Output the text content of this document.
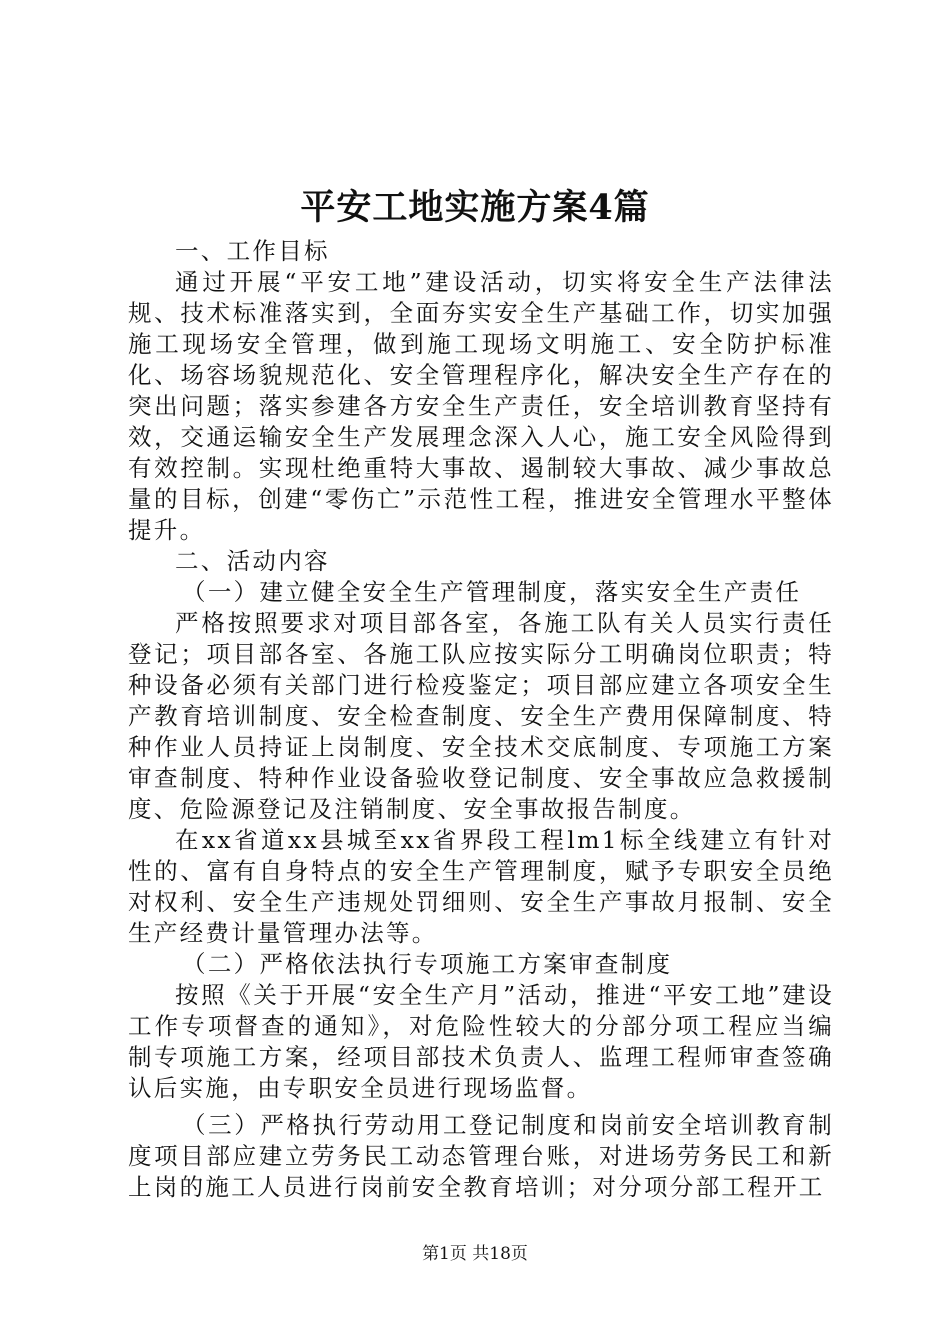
平安工地实施方案4篇

一、工作目标

通过开展“平安工地”建设活动，切实将安全生产法律法规、技术标准落实到，全面夯实安全生产基础工作，切实加强施工现场安全管理，做到施工现场文明施工、安全防护标准化、场容场貌规范化、安全管理程序化，解决安全生产存在的突出问题；落实参建各方安全生产责任，安全培训教育坚持有效，交通运输安全生产发展理念深入人心，施工安全风险得到有效控制。实现杜绝重特大事故、遏制较大事故、减少事故总量的目标，创建“零伤亡”示范性工程，推进安全管理水平整体提升。

二、活动内容

（一）建立健全安全生产管理制度，落实安全生产责任

严格按照要求对项目部各室，各施工队有关人员实行责任登记；项目部各室、各施工队应按实际分工明确岗位职责；特种设备必须有关部门进行检疫鉴定；项目部应建立各项安全生产教育培训制度、安全检查制度、安全生产费用保障制度、特种作业人员持证上岗制度、安全技术交底制度、专项施工方案审查制度、特种作业设备验收登记制度、安全事故应急救援制度、危险源登记及注销制度、安全事故报告制度。

在xx省道xx县城至xx省界段工程lm1标全线建立有针对性的、富有自身特点的安全生产管理制度，赋予专职安全员绝对权利、安全生产违规处罚细则、安全生产事故月报制、安全生产经费计量管理办法等。

（二）严格依法执行专项施工方案审查制度

按照《关于开展“安全生产月”活动，推进“平安工地”建设工作专项督查的通知》，对危险性较大的分部分项工程应当编制专项施工方案，经项目部技术负责人、监理工程师审查签确认后实施，由专职安全员进行现场监督。

（三）严格执行劳动用工登记制度和岗前安全培训教育制度项目部应建立劳务民工动态管理台账，对进场劳务民工和新上岗的施工人员进行岗前安全教育培训；对分项分部工程开工

第1页 共18页
